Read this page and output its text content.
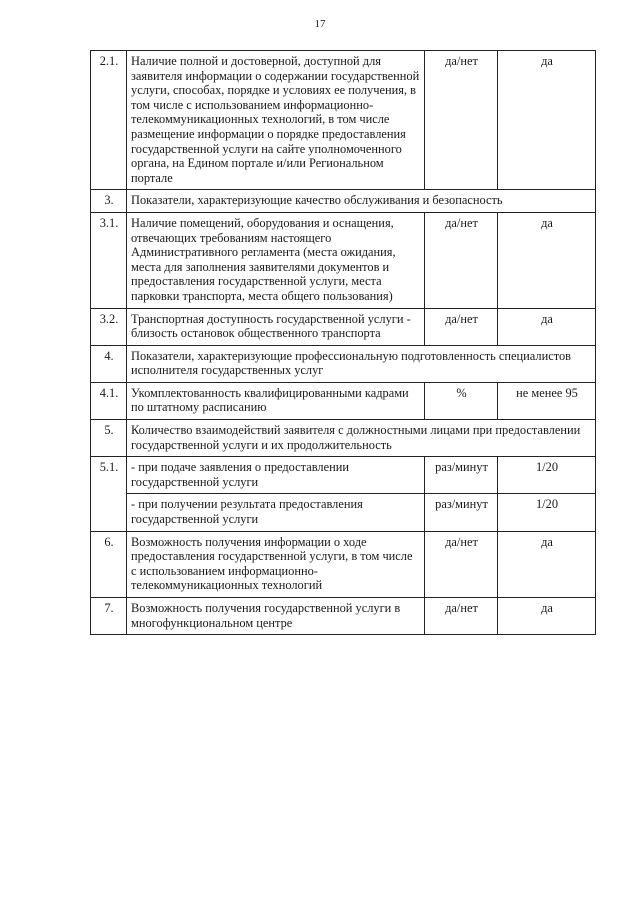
17
2.1.	Наличие полной и достоверной, доступной для заявителя информации о содержании государственной услуги, способах, порядке и условиях ее получения, в том числе с использованием информационно-телекоммуникационных технологий, в том числе размещение информации о порядке предоставления государственной услуги на сайте уполномоченного органа, на Едином портале и/или Региональном портале	да/нет	да
3.	Показатели, характеризующие качество обслуживания и безопасность		
3.1.	Наличие помещений, оборудования и оснащения, отвечающих требованиям настоящего Административного регламента (места ожидания, места для заполнения заявителями документов и предоставления государственной услуги, места парковки транспорта, места общего пользования)	да/нет	да
3.2.	Транспортная доступность государственной услуги - близость остановок общественного транспорта	да/нет	да
4.	Показатели, характеризующие профессиональную подготовленность специалистов исполнителя государственных услуг		
4.1.	Укомплектованность квалифицированными кадрами по штатному расписанию	%	не менее 95
5.	Количество взаимодействий заявителя с должностными лицами при предоставлении государственной услуги и их продолжительность		
5.1.	- при подаче заявления о предоставлении государственной услуги	раз/минут	1/20
	- при получении результата предоставления государственной услуги	раз/минут	1/20
6.	Возможность получения информации о ходе предоставления государственной услуги, в том числе с использованием информационно-телекоммуникационных технологий	да/нет	да
7.	Возможность получения государственной услуги в многофункциональном центре	да/нет	да
